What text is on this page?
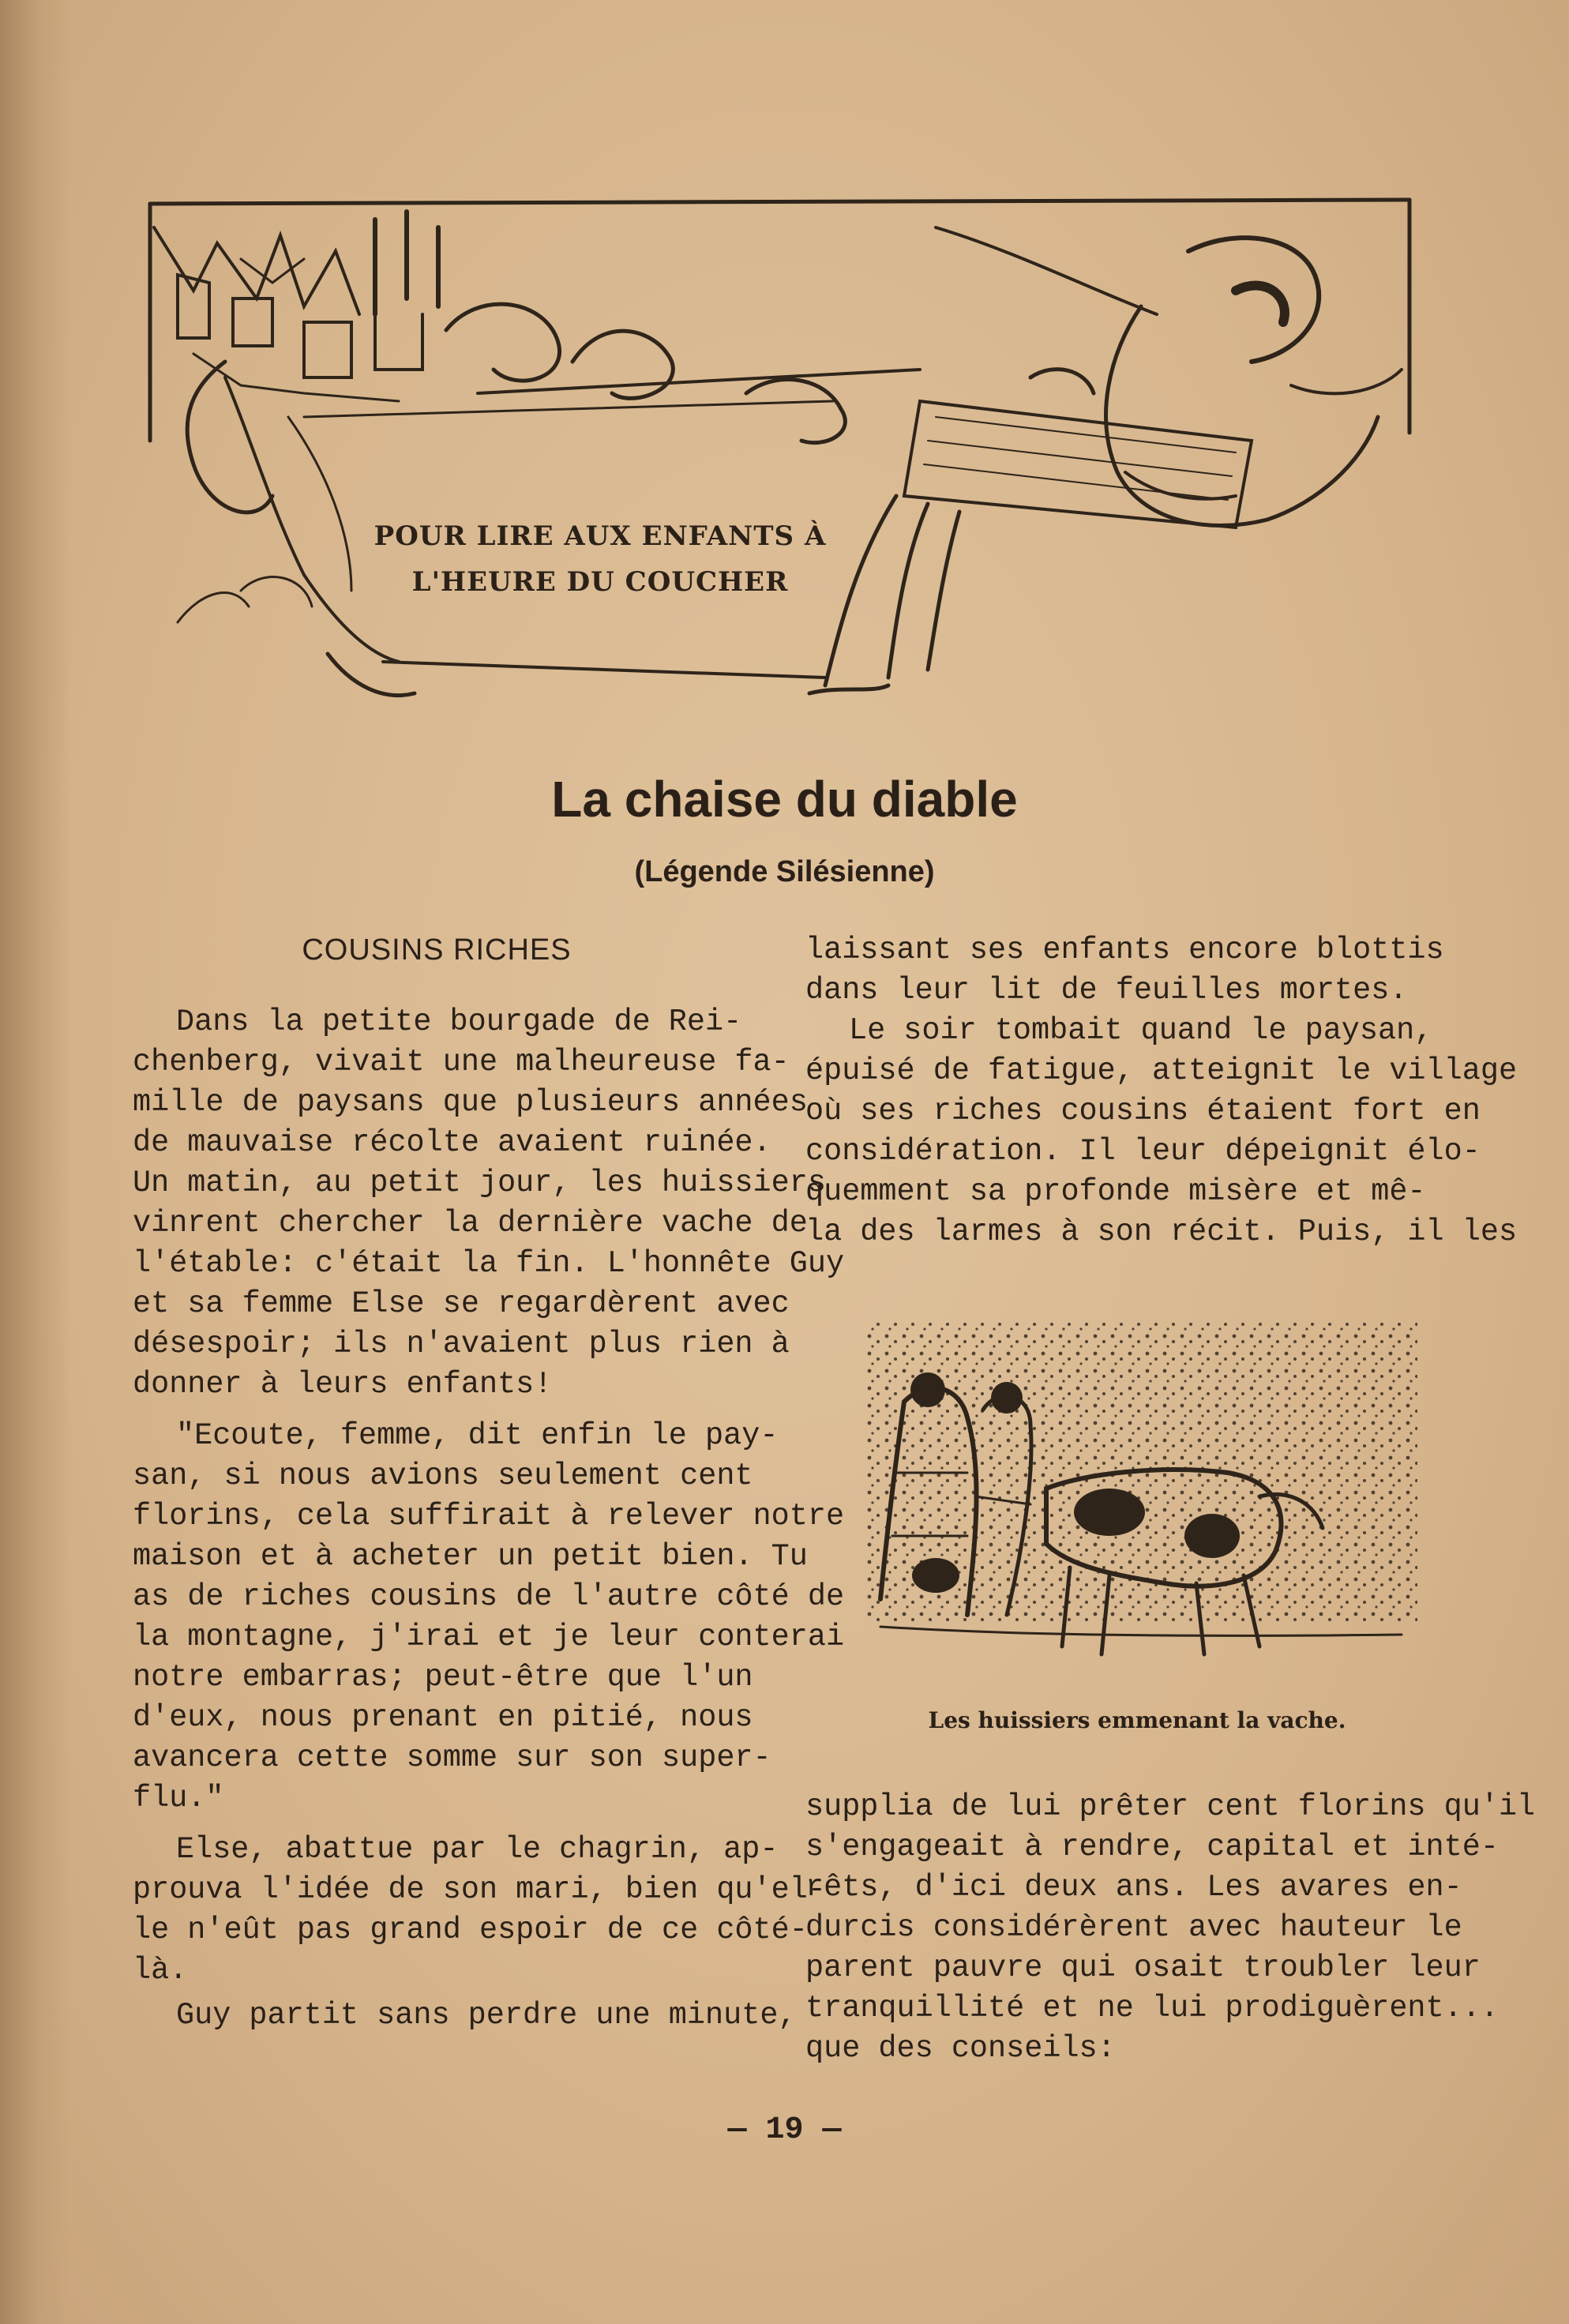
POUR LIRE AUX ENFANTS À
L'HEURE DU COUCHER
La chaise du diable
(Légende Silésienne)
COUSINS RICHES

Dans la petite bourgade de Rei-
chenberg, vivait une malheureuse fa-
mille de paysans que plusieurs années
de mauvaise récolte avaient ruinée.
Un matin, au petit jour, les huissiers
vinrent chercher la dernière vache de
l'étable: c'était la fin. L'honnête Guy
et sa femme Else se regardèrent avec
désespoir; ils n'avaient plus rien à
donner à leurs enfants!

"Ecoute, femme, dit enfin le pay-
san, si nous avions seulement cent
florins, cela suffirait à relever notre
maison et à acheter un petit bien. Tu
as de riches cousins de l'autre côté de
la montagne, j'irai et je leur conterai
notre embarras; peut-être que l'un
d'eux, nous prenant en pitié, nous
avancera cette somme sur son super-
flu."

Else, abattue par le chagrin, ap-
prouva l'idée de son mari, bien qu'el-
le n'eût pas grand espoir de ce côté-
là.

Guy partit sans perdre une minute,

laissant ses enfants encore blottis
dans leur lit de feuilles mortes.

Le soir tombait quand le paysan,
épuisé de fatigue, atteignit le village
où ses riches cousins étaient fort en
considération. Il leur dépeignit élo-
quemment sa profonde misère et mê-
la des larmes à son récit. Puis, il les

Les huissiers emmenant la vache.

supplia de lui prêter cent florins qu'il
s'engageait à rendre, capital et inté-
rêts, d'ici deux ans. Les avares en-
durcis considérèrent avec hauteur le
parent pauvre qui osait troubler leur
tranquillité et ne lui prodiguèrent...
que des conseils:

— 19 —
